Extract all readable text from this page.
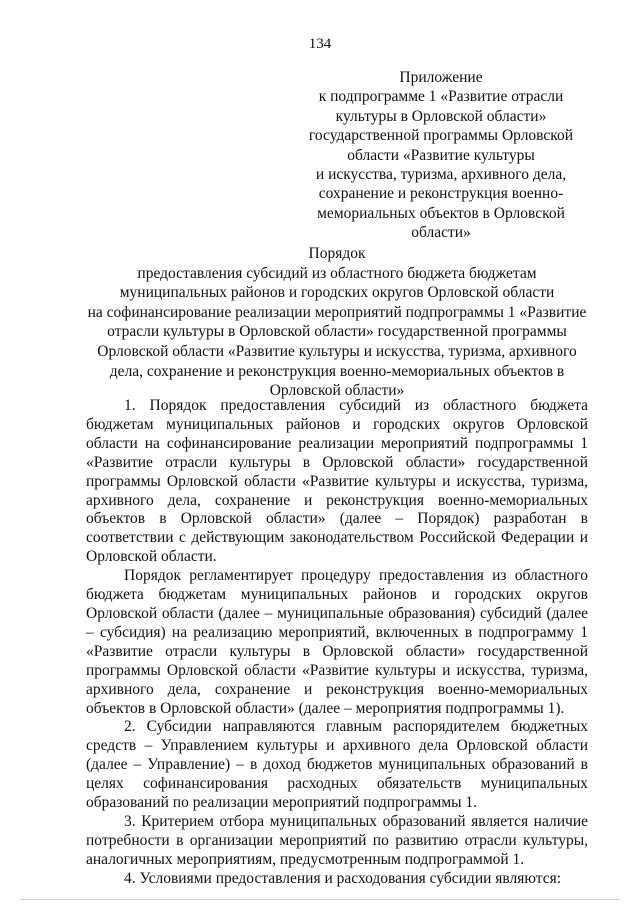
134
Приложение
к подпрограмме 1 «Развитие отрасли
культуры в Орловской области»
государственной программы Орловской
области «Развитие культуры
и искусства, туризма, архивного дела,
сохранение и реконструкция военно-
мемориальных объектов в Орловской
области»
Порядок
предоставления субсидий из областного бюджета бюджетам
муниципальных районов и городских округов Орловской области
на софинансирование реализации мероприятий подпрограммы 1 «Развитие
отрасли культуры в Орловской области» государственной программы
Орловской области «Развитие культуры и искусства, туризма, архивного
дела, сохранение и реконструкция военно-мемориальных объектов в
Орловской области»

1. Порядок предоставления субсидий из областного бюджета бюджетам муниципальных районов и городских округов Орловской области на софинансирование реализации мероприятий подпрограммы 1 «Развитие отрасли культуры в Орловской области» государственной программы Орловской области «Развитие культуры и искусства, туризма, архивного дела, сохранение и реконструкция военно-мемориальных объектов в Орловской области» (далее – Порядок) разработан в соответствии с действующим законодательством Российской Федерации и Орловской области.

Порядок регламентирует процедуру предоставления из областного бюджета бюджетам муниципальных районов и городских округов Орловской области (далее – муниципальные образования) субсидий (далее – субсидия) на реализацию мероприятий, включенных в подпрограмму 1 «Развитие отрасли культуры в Орловской области» государственной программы Орловской области «Развитие культуры и искусства, туризма, архивного дела, сохранение и реконструкция военно-мемориальных объектов в Орловской области» (далее – мероприятия подпрограммы 1).

2. Субсидии направляются главным распорядителем бюджетных средств – Управлением культуры и архивного дела Орловской области (далее – Управление) – в доход бюджетов муниципальных образований в целях софинансирования расходных обязательств муниципальных образований по реализации мероприятий подпрограммы 1.

3. Критерием отбора муниципальных образований является наличие потребности в организации мероприятий по развитию отрасли культуры, аналогичных мероприятиям, предусмотренным подпрограммой 1.

4. Условиями предоставления и расходования субсидии являются:
